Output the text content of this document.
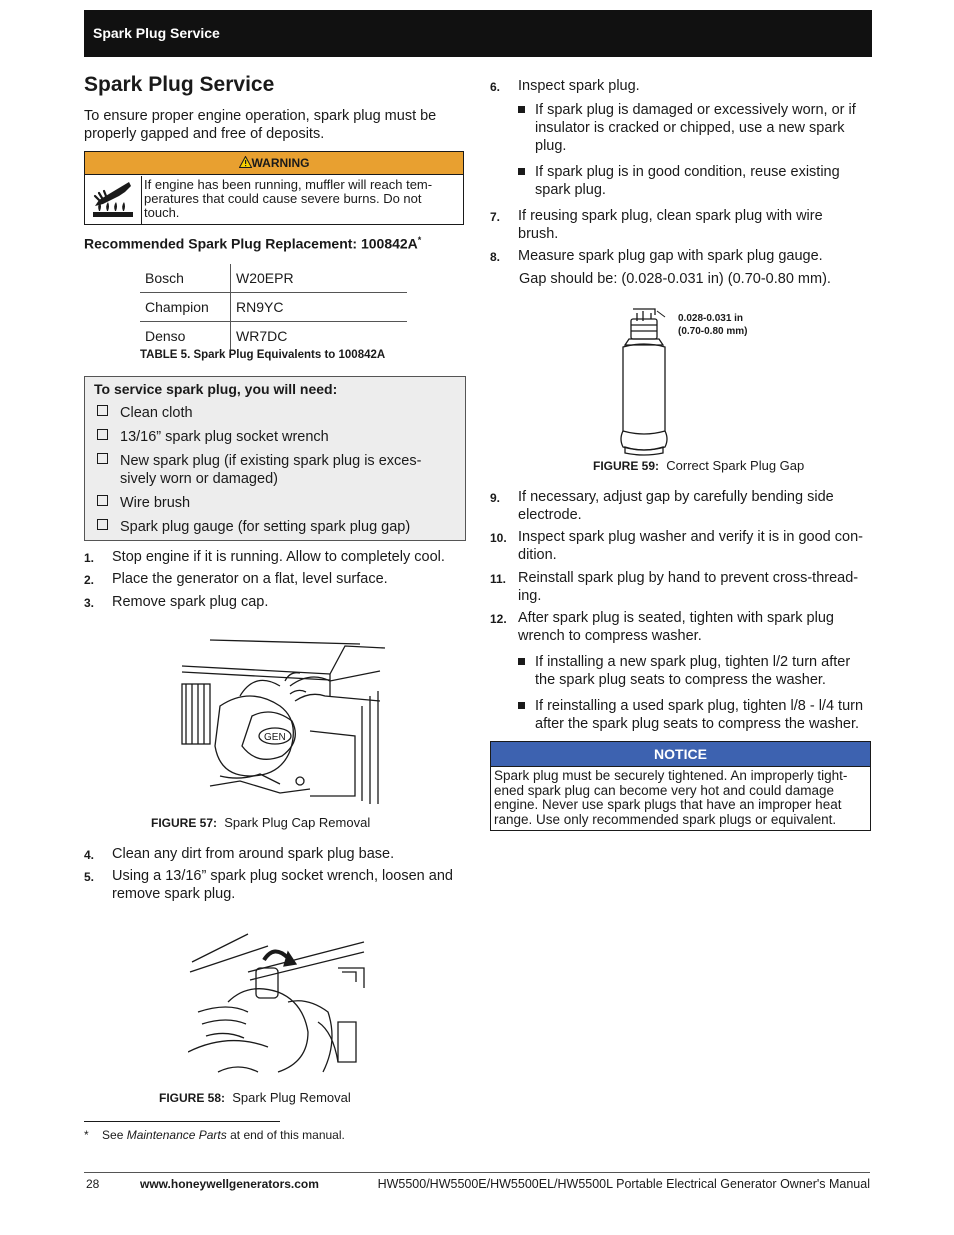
Spark Plug Service
Spark Plug Service
To ensure proper engine operation, spark plug must be properly gapped and free of deposits.
WARNING
If engine has been running, muffler will reach tem-peratures that could cause severe burns. Do not touch.
Recommended Spark Plug Replacement: 100842A*
Bosch	W20EPR
Champion	RN9YC
Denso	WR7DC
TABLE 5. Spark Plug Equivalents to 100842A
To service spark plug, you will need:
Clean cloth
13/16” spark plug socket wrench
New spark plug (if existing spark plug is exces-sively worn or damaged)
Wire brush
Spark plug gauge (for setting spark plug gap)
1. Stop engine if it is running. Allow to completely cool.
2. Place the generator on a flat, level surface.
3. Remove spark plug cap.
GEN
FIGURE 57: Spark Plug Cap Removal
4. Clean any dirt from around spark plug base.
5. Using a 13/16” spark plug socket wrench, loosen and remove spark plug.
FIGURE 58: Spark Plug Removal
* See Maintenance Parts at end of this manual.
6. Inspect spark plug.
If spark plug is damaged or excessively worn, or if insulator is cracked or chipped, use a new spark plug.
If spark plug is in good condition, reuse existing spark plug.
7. If reusing spark plug, clean spark plug with wire brush.
8. Measure spark plug gap with spark plug gauge.
Gap should be: (0.028-0.031 in) (0.70-0.80 mm).
0.028-0.031 in
(0.70-0.80 mm)
FIGURE 59: Correct Spark Plug Gap
9. If necessary, adjust gap by carefully bending side electrode.
10. Inspect spark plug washer and verify it is in good con-dition.
11. Reinstall spark plug by hand to prevent cross-thread-ing.
12. After spark plug is seated, tighten with spark plug wrench to compress washer.
If installing a new spark plug, tighten l/2 turn after the spark plug seats to compress the washer.
If reinstalling a used spark plug, tighten l/8 - l/4 turn after the spark plug seats to compress the washer.
NOTICE
Spark plug must be securely tightened. An improperly tight-ened spark plug can become very hot and could damage engine. Never use spark plugs that have an improper heat range. Use only recommended spark plugs or equivalent.
28	www.honeywellgenerators.com	HW5500/HW5500E/HW5500EL/HW5500L Portable Electrical Generator Owner's Manual
